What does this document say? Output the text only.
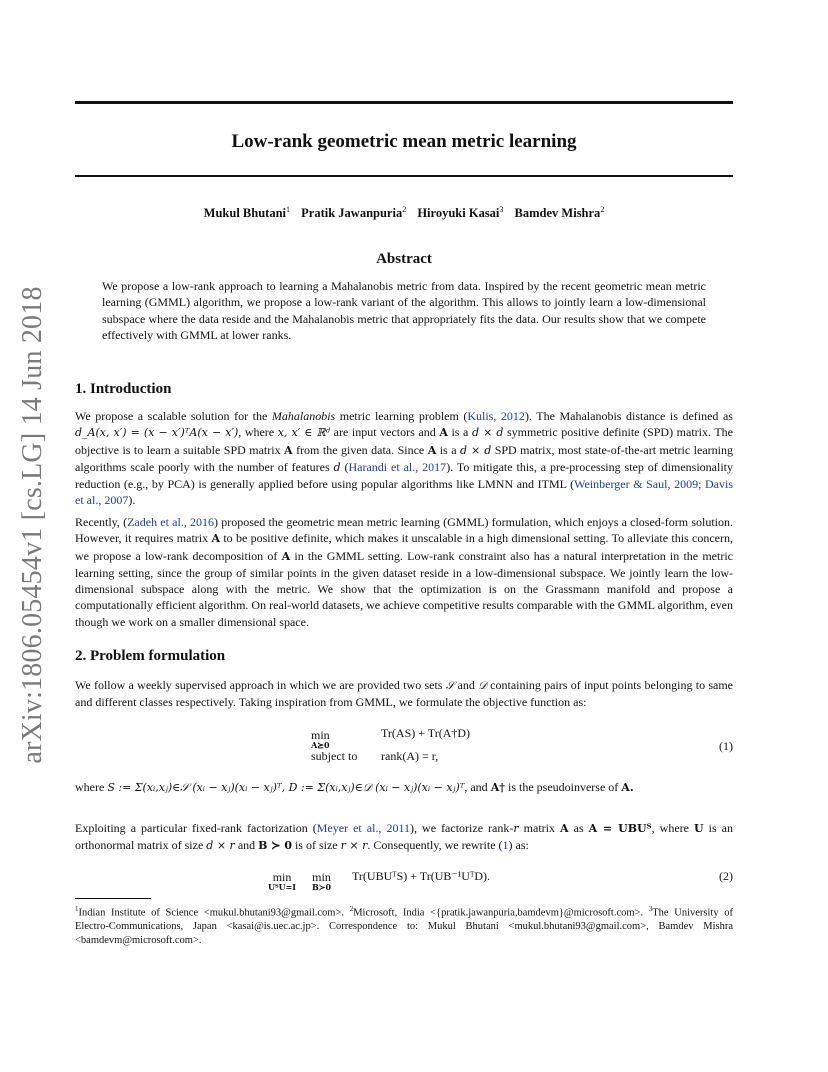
arXiv:1806.05454v1 [cs.LG] 14 Jun 2018
Low-rank geometric mean metric learning
Mukul Bhutani$^1$ Pratik Jawanpuria$^2$ Hiroyuki Kasai$^3$ Bamdev Mishra$^2$
Abstract

We propose a low-rank approach to learning a Mahalanobis metric from data. Inspired by the recent geometric mean metric learning (GMML) algorithm, we propose a low-rank variant of the algorithm. This allows to jointly learn a low-dimensional subspace where the data reside and the Mahalanobis metric that appropriately fits the data. Our results show that we compete effectively with GMML at lower ranks.

1. Introduction

We propose a scalable solution for the Mahalanobis metric learning problem (Kulis, 2012). The Mahalanobis distance is defined as d_A(x, x′) = (x − x′)ᵀA(x − x′), where x, x′ ∈ ℝᵈ are input vectors and A is a d × d symmetric positive definite (SPD) matrix. The objective is to learn a suitable SPD matrix A from the given data. Since A is a d × d SPD matrix, most state-of-the-art metric learning algorithms scale poorly with the number of features d (Harandi et al., 2017). To mitigate this, a pre-processing step of dimensionality reduction (e.g., by PCA) is generally applied before using popular algorithms like LMNN and ITML (Weinberger & Saul, 2009; Davis et al., 2007).

Recently, (Zadeh et al., 2016) proposed the geometric mean metric learning (GMML) formulation, which enjoys a closed-form solution. However, it requires matrix A to be positive definite, which makes it unscalable in a high dimensional setting. To alleviate this concern, we propose a low-rank decomposition of A in the GMML setting. Low-rank constraint also has a natural interpretation in the metric learning setting, since the group of similar points in the given dataset reside in a low-dimensional subspace. We jointly learn the low-dimensional subspace along with the metric. We show that the optimization is on the Grassmann manifold and propose a computationally efficient algorithm. On real-world datasets, we achieve competitive results comparable with the GMML algorithm, even though we work on a smaller dimensional space.

2. Problem formulation

We follow a weekly supervised approach in which we are provided two sets 𝒮 and 𝒟 containing pairs of input points belonging to same and different classes respectively. Taking inspiration from GMML, we formulate the objective function as:

min
A⪰0
Tr(AS) + Tr(A†D)
subject to rank(A) = r,
(1)

where S := Σ(xᵢ,xⱼ)∈𝒮 (xᵢ − xⱼ)(xᵢ − xⱼ)ᵀ, D := Σ(xᵢ,xⱼ)∈𝒟 (xᵢ − xⱼ)(xᵢ − xⱼ)ᵀ, and A† is the pseudoinverse of A.

Exploiting a particular fixed-rank factorization (Meyer et al., 2011), we factorize rank-r matrix A as A = UBUᵀ, where U is an orthonormal matrix of size d × r and B ≻ 0 is of size r × r. Consequently, we rewrite (1) as:

min
UᵀU=I
min
B≻0
Tr(UBUᵀS) + Tr(UB⁻¹UᵀD).	(2)

$^1$Indian Institute of Science <mukul.bhutani93@gmail.com>. $^2$Microsoft, India <{pratik.jawanpuria,bamdevm}@microsoft.com>. $^3$The University of Electro-Communications, Japan <kasai@is.uec.ac.jp>. Correspondence to: Mukul Bhutani <mukul.bhutani93@gmail.com>, Bamdev Mishra <bamdevm@microsoft.com>.
